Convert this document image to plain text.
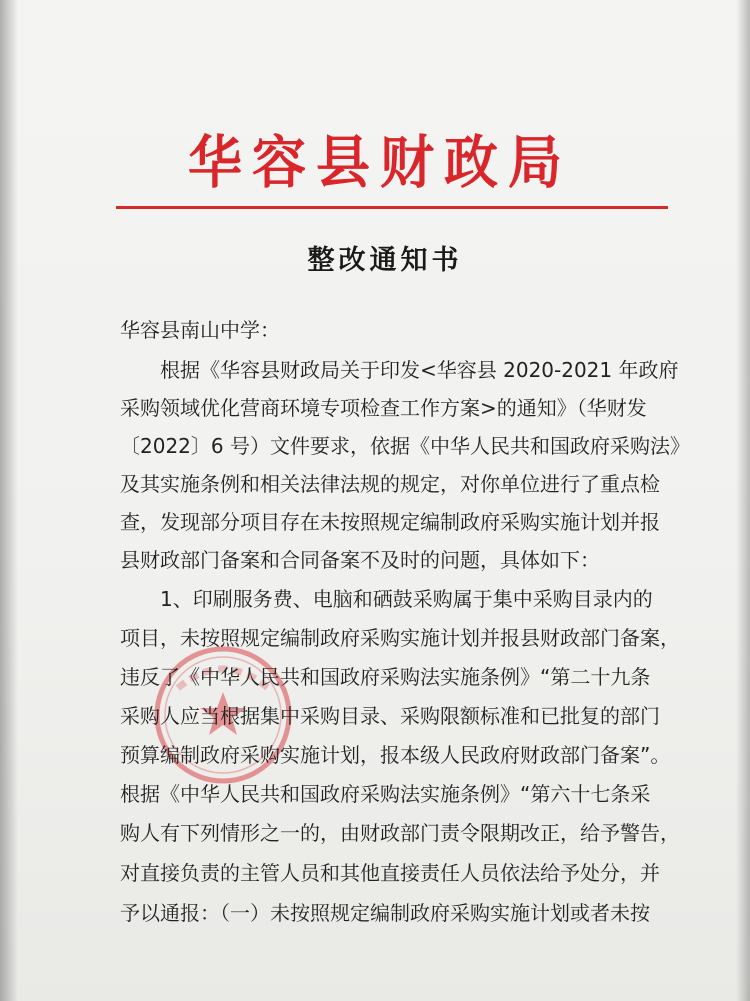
华容县财政局
整改通知书
华容县南山中学：
根据《华容县财政局关于印发<华容县 2020-2021 年政府
采购领域优化营商环境专项检查工作方案>的通知》（华财发
〔2022〕6 号）文件要求，依据《中华人民共和国政府采购法》
及其实施条例和相关法律法规的规定，对你单位进行了重点检
查，发现部分项目存在未按照规定编制政府采购实施计划并报
县财政部门备案和合同备案不及时的问题，具体如下：
1、印刷服务费、电脑和硒鼓采购属于集中采购目录内的
项目，未按照规定编制政府采购实施计划并报县财政部门备案，
违反了《中华人民共和国政府采购法实施条例》“第二十九条
采购人应当根据集中采购目录、采购限额标准和已批复的部门
预算编制政府采购实施计划，报本级人民政府财政部门备案”。
根据《中华人民共和国政府采购法实施条例》“第六十七条采
购人有下列情形之一的，由财政部门责令限期改正，给予警告，
对直接负责的主管人员和其他直接责任人员依法给予处分，并
予以通报：（一）未按照规定编制政府采购实施计划或者未按
